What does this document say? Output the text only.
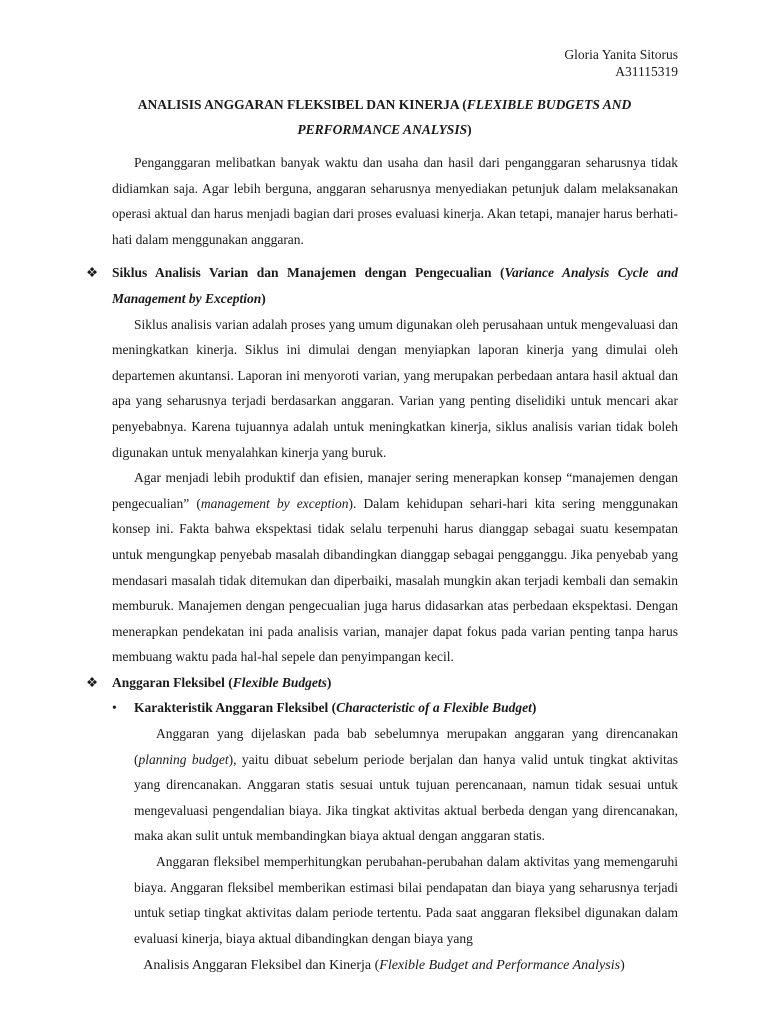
Gloria Yanita Sitorus
A31115319
ANALISIS ANGGARAN FLEKSIBEL DAN KINERJA (FLEXIBLE BUDGETS AND PERFORMANCE ANALYSIS)

Penganggaran melibatkan banyak waktu dan usaha dan hasil dari penganggaran seharusnya tidak didiamkan saja. Agar lebih berguna, anggaran seharusnya menyediakan petunjuk dalam melaksanakan operasi aktual dan harus menjadi bagian dari proses evaluasi kinerja. Akan tetapi, manajer harus berhati-hati dalam menggunakan anggaran.

❖	Siklus Analisis Varian dan Manajemen dengan Pengecualian (Variance Analysis Cycle and Management by Exception)

Siklus analisis varian adalah proses yang umum digunakan oleh perusahaan untuk mengevaluasi dan meningkatkan kinerja. Siklus ini dimulai dengan menyiapkan laporan kinerja yang dimulai oleh departemen akuntansi. Laporan ini menyoroti varian, yang merupakan perbedaan antara hasil aktual dan apa yang seharusnya terjadi berdasarkan anggaran. Varian yang penting diselidiki untuk mencari akar penyebabnya. Karena tujuannya adalah untuk meningkatkan kinerja, siklus analisis varian tidak boleh digunakan untuk menyalahkan kinerja yang buruk.

Agar menjadi lebih produktif dan efisien, manajer sering menerapkan konsep “manajemen dengan pengecualian” (management by exception). Dalam kehidupan sehari-hari kita sering menggunakan konsep ini. Fakta bahwa ekspektasi tidak selalu terpenuhi harus dianggap sebagai suatu kesempatan untuk mengungkap penyebab masalah dibandingkan dianggap sebagai pengganggu. Jika penyebab yang mendasari masalah tidak ditemukan dan diperbaiki, masalah mungkin akan terjadi kembali dan semakin memburuk. Manajemen dengan pengecualian juga harus didasarkan atas perbedaan ekspektasi. Dengan menerapkan pendekatan ini pada analisis varian, manajer dapat fokus pada varian penting tanpa harus membuang waktu pada hal-hal sepele dan penyimpangan kecil.

❖	Anggaran Fleksibel (Flexible Budgets)
•	Karakteristik Anggaran Fleksibel (Characteristic of a Flexible Budget)

Anggaran yang dijelaskan pada bab sebelumnya merupakan anggaran yang direncanakan (planning budget), yaitu dibuat sebelum periode berjalan dan hanya valid untuk tingkat aktivitas yang direncanakan. Anggaran statis sesuai untuk tujuan perencanaan, namun tidak sesuai untuk mengevaluasi pengendalian biaya. Jika tingkat aktivitas aktual berbeda dengan yang direncanakan, maka akan sulit untuk membandingkan biaya aktual dengan anggaran statis.

Anggaran fleksibel memperhitungkan perubahan-perubahan dalam aktivitas yang memengaruhi biaya. Anggaran fleksibel memberikan estimasi bilai pendapatan dan biaya yang seharusnya terjadi untuk setiap tingkat aktivitas dalam periode tertentu. Pada saat anggaran fleksibel digunakan dalam evaluasi kinerja, biaya aktual dibandingkan dengan biaya yang

Analisis Anggaran Fleksibel dan Kinerja (Flexible Budget and Performance Analysis)
